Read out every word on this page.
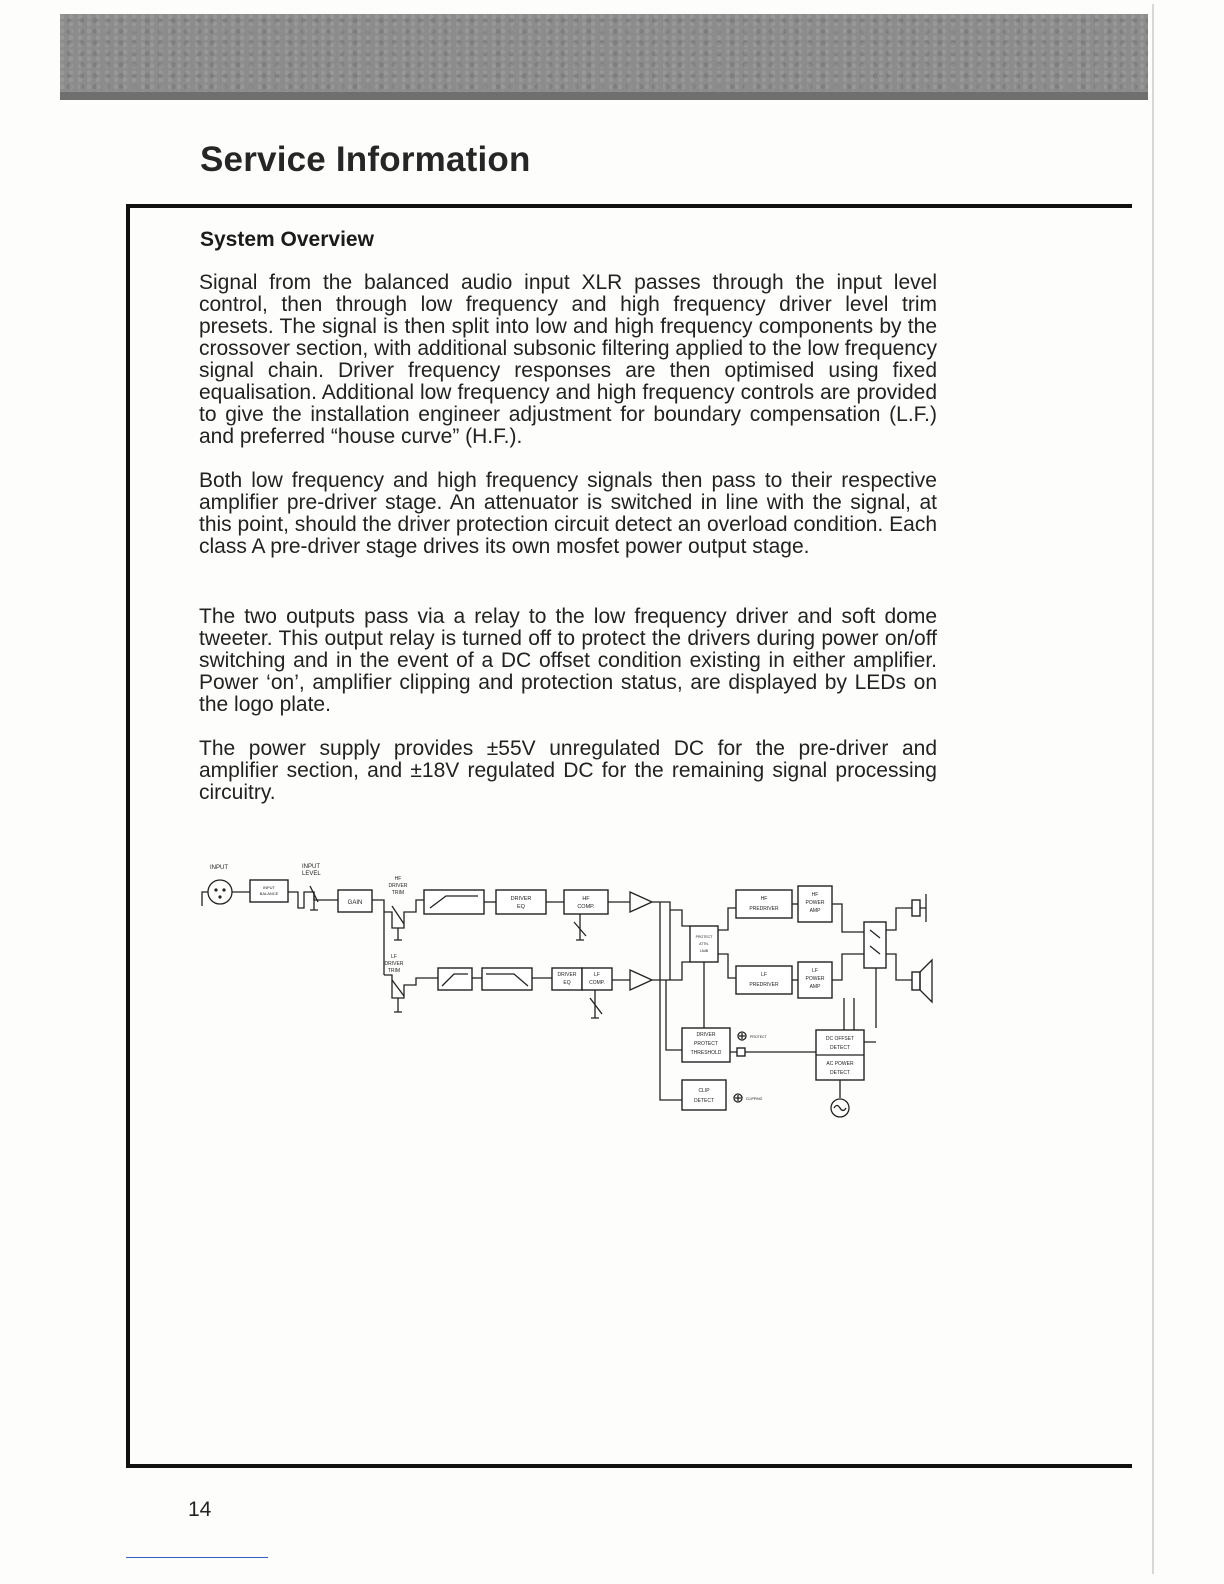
Service Information
System Overview

Signal from the balanced audio input XLR passes through the input level control, then through low frequency and high frequency driver level trim presets. The signal is then split into low and high frequency components by the crossover section, with additional subsonic filtering applied to the low frequency signal chain. Driver frequency responses are then optimised using fixed equalisation. Additional low frequency and high frequency controls are provided to give the installation engineer adjustment for boundary compensation (L.F.) and preferred “house curve” (H.F.).

Both low frequency and high frequency signals then pass to their respective amplifier pre-driver stage. An attenuator is switched in line with the signal, at this point, should the driver protection circuit detect an overload condition. Each class A pre-driver stage drives its own mosfet power output stage.

The two outputs pass via a relay to the low frequency driver and soft dome tweeter. This output relay is turned off to protect the drivers during power on/off switching and in the event of a DC offset condition existing in either amplifier. Power ‘on’, amplifier clipping and protection status, are displayed by LEDs on the logo plate.

The power supply provides ±55V unregulated DC for the pre-driver and amplifier section, and ±18V regulated DC for the remaining signal processing circuitry.

INPUT
INPUT
BALANCE
INPUT
LEVEL
GAIN
HF
DRIVER
TRIM
LF
DRIVER
TRIM
DRIVER
EQ
HF
COMP.
DRIVER
EQ
LF
COMP.
PROTECT
ATTN.
16dB
HF
PREDRIVER
HF
POWER
AMP
LF
PREDRIVER
LF
POWER
AMP
DRIVER
PROTECT
THRESHOLD
PROTECT
CLIP
DETECT	CLIPPING
DC OFFSET
DETECT
AC POWER
DETECT

14
